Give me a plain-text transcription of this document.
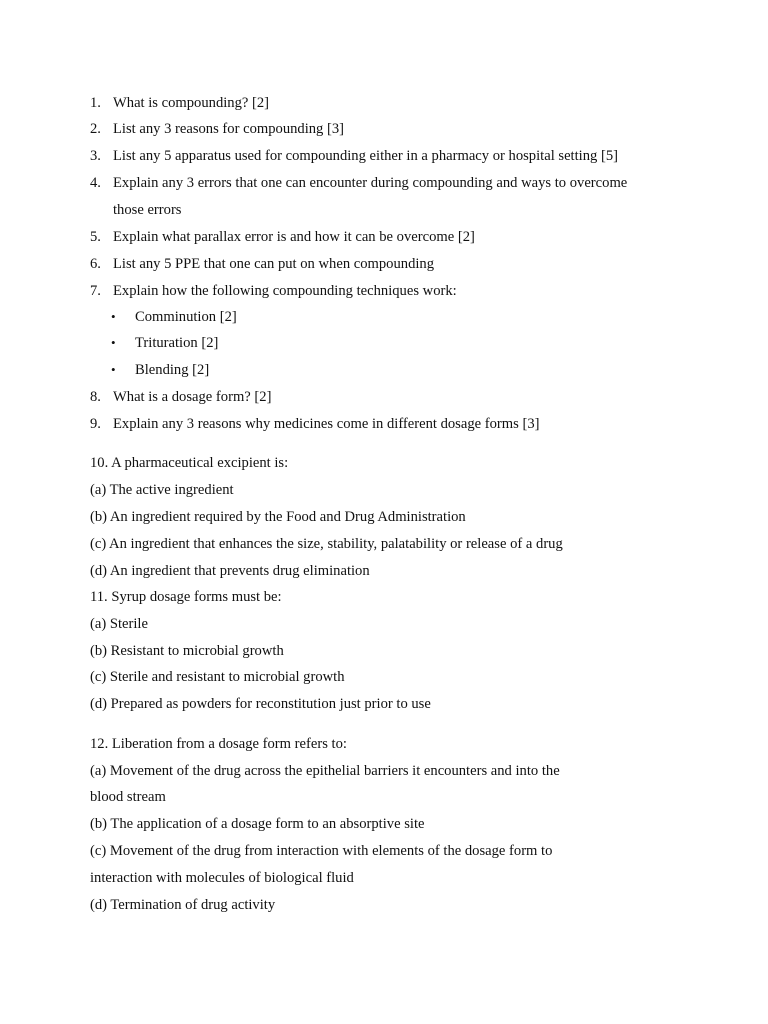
1. What is compounding? [2]
2. List any 3 reasons for compounding [3]
3. List any 5 apparatus used for compounding either in a pharmacy or hospital setting [5]
4. Explain any 3 errors that one can encounter during compounding and ways to overcome
those errors
5. Explain what parallax error is and how it can be overcome [2]
6. List any 5 PPE that one can put on when compounding
7. Explain how the following compounding techniques work:
• Comminution [2]
• Trituration [2]
• Blending [2]
8. What is a dosage form? [2]
9. Explain any 3 reasons why medicines come in different dosage forms [3]
10. A pharmaceutical excipient is:
(a) The active ingredient
(b) An ingredient required by the Food and Drug Administration
(c) An ingredient that enhances the size, stability, palatability or release of a drug
(d) An ingredient that prevents drug elimination
11. Syrup dosage forms must be:
(a) Sterile
(b) Resistant to microbial growth
(c) Sterile and resistant to microbial growth
(d) Prepared as powders for reconstitution just prior to use
12. Liberation from a dosage form refers to:
(a) Movement of the drug across the epithelial barriers it encounters and into the
blood stream
(b) The application of a dosage form to an absorptive site
(c) Movement of the drug from interaction with elements of the dosage form to
interaction with molecules of biological fluid
(d) Termination of drug activity
